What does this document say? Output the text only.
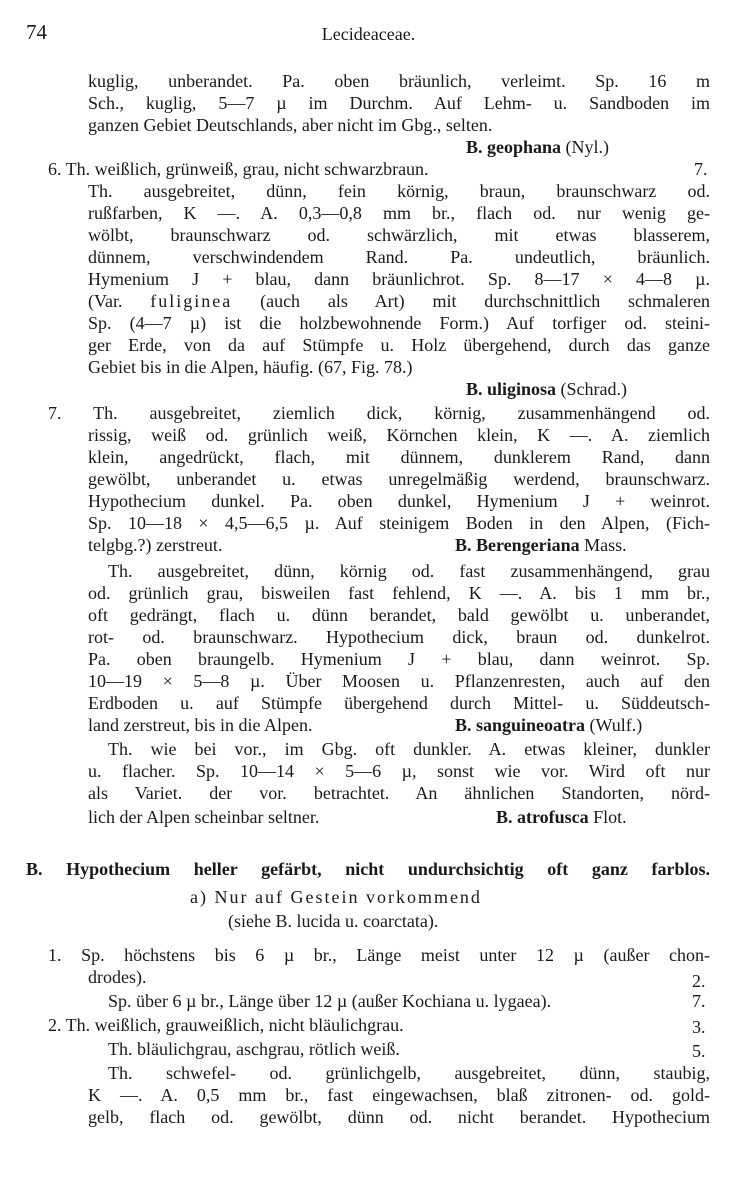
74	Lecideaceae.
kuglig, unberandet. Pa. oben bräunlich, verleimt. Sp. 16 m
Sch., kuglig, 5—7 µ im Durchm. Auf Lehm- u. Sandboden im
ganzen Gebiet Deutschlands, aber nicht im Gbg., selten.
B. geophana (Nyl.)
6. Th. weißlich, grünweiß, grau, nicht schwarzbraun.	7.
Th. ausgebreitet, dünn, fein körnig, braun, braunschwarz od.
rußfarben, K —. A. 0,3—0,8 mm br., flach od. nur wenig ge-
wölbt, braunschwarz od. schwärzlich, mit etwas blasserem,
dünnem, verschwindendem Rand. Pa. undeutlich, bräunlich.
Hymenium J + blau, dann bräunlichrot. Sp. 8—17 × 4—8 µ.
(Var. fuliginea (auch als Art) mit durchschnittlich schmaleren
Sp. (4—7 µ) ist die holzbewohnende Form.) Auf torfiger od. steini-
ger Erde, von da auf Stümpfe u. Holz übergehend, durch das ganze
Gebiet bis in die Alpen, häufig. (67, Fig. 78.)
B. uliginosa (Schrad.)
7. Th. ausgebreitet, ziemlich dick, körnig, zusammenhängend od.
rissig, weiß od. grünlich weiß, Körnchen klein, K —. A. ziemlich
klein, angedrückt, flach, mit dünnem, dunklerem Rand, dann
gewölbt, unberandet u. etwas unregelmäßig werdend, braunschwarz.
Hypothecium dunkel. Pa. oben dunkel, Hymenium J + weinrot.
Sp. 10—18 × 4,5—6,5 µ. Auf steinigem Boden in den Alpen, (Fich-
telgbg.?) zerstreut.	B. Berengeriana Mass.
Th. ausgebreitet, dünn, körnig od. fast zusammenhängend, grau
od. grünlich grau, bisweilen fast fehlend, K —. A. bis 1 mm br.,
oft gedrängt, flach u. dünn berandet, bald gewölbt u. unberandet,
rot- od. braunschwarz. Hypothecium dick, braun od. dunkelrot.
Pa. oben braungelb. Hymenium J + blau, dann weinrot. Sp.
10—19 × 5—8 µ. Über Moosen u. Pflanzenresten, auch auf den
Erdboden u. auf Stümpfe übergehend durch Mittel- u. Süddeutsch-
land zerstreut, bis in die Alpen.	B. sanguineoatra (Wulf.)
Th. wie bei vor., im Gbg. oft dunkler. A. etwas kleiner, dunkler
u. flacher. Sp. 10—14 × 5—6 µ, sonst wie vor. Wird oft nur
als Variet. der vor. betrachtet. An ähnlichen Standorten, nörd-
lich der Alpen scheinbar seltner.	B. atrofusca Flot.
B. Hypothecium heller gefärbt, nicht undurchsichtig oft ganz farblos.
a) Nur auf Gestein vorkommend
(siehe B. lucida u. coarctata).
1. Sp. höchstens bis 6 µ br., Länge meist unter 12 µ (außer chon-
drodes).	2.
Sp. über 6 µ br., Länge über 12 µ (außer Kochiana u. lygaea).	7.
2. Th. weißlich, grauweißlich, nicht bläulichgrau.	3.
Th. bläulichgrau, aschgrau, rötlich weiß.	5.
Th. schwefel- od. grünlichgelb, ausgebreitet, dünn, staubig,
K —. A. 0,5 mm br., fast eingewachsen, blaß zitronen- od. gold-
gelb, flach od. gewölbt, dünn od. nicht berandet. Hypothecium
